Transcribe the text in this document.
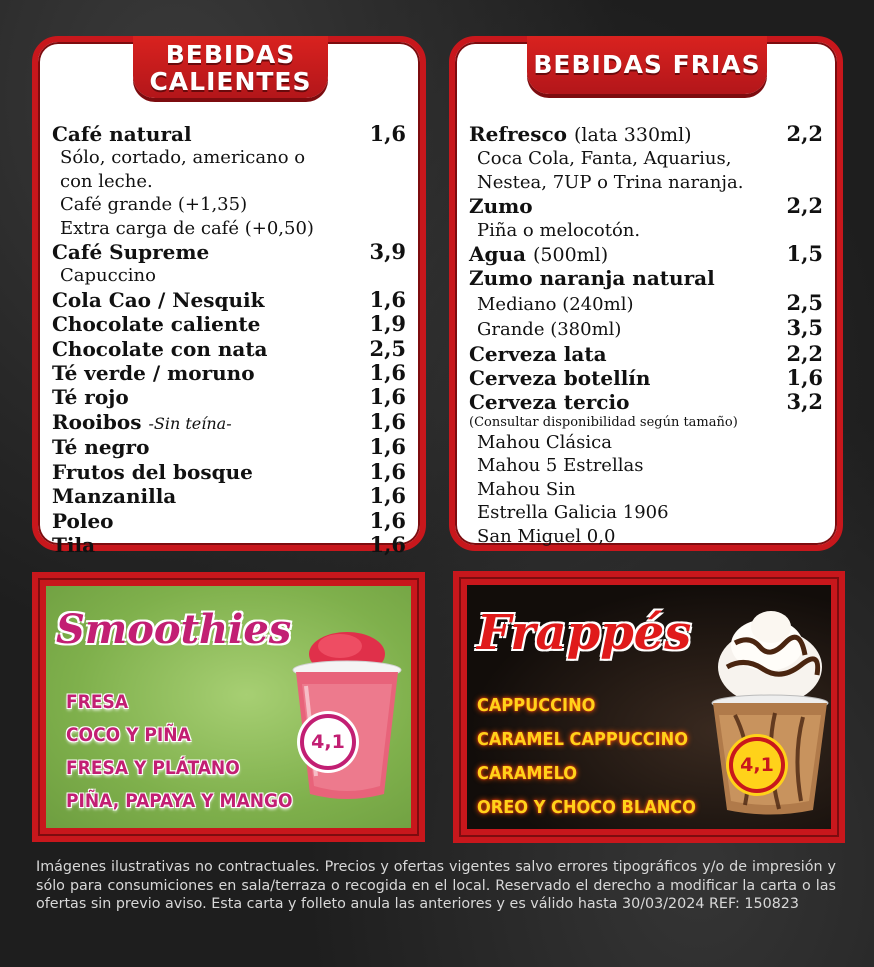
BEBIDAS
CALIENTES
Café natural	1,6
Sólo, cortado, americano o
con leche.
Café grande (+1,35)
Extra carga de café (+0,50)
Café Supreme	3,9
Capuccino
Cola Cao / Nesquik	1,6
Chocolate caliente	1,9
Chocolate con nata	2,5
Té verde / moruno	1,6
Té rojo	1,6
Rooibos -Sin teína-	1,6
Té negro	1,6
Frutos del bosque	1,6
Manzanilla	1,6
Poleo	1,6
Tila	1,6
BEBIDAS FRIAS
Refresco (lata 330ml)	2,2
Coca Cola, Fanta, Aquarius,
Nestea, 7UP o Trina naranja.
Zumo	2,2
Piña o melocotón.
Agua (500ml)	1,5
Zumo naranja natural
Mediano (240ml)	2,5
Grande (380ml)	3,5
Cerveza lata	2,2
Cerveza botellín	1,6
Cerveza tercio	3,2
(Consultar disponibilidad según tamaño)
Mahou Clásica
Mahou 5 Estrellas
Mahou Sin
Estrella Galicia 1906
San Miguel 0,0
Smoothies
FRESA
COCO Y PIÑA
FRESA Y PLÁTANO
PIÑA, PAPAYA Y MANGO
4,1
Frappés
CAPPUCCINO
CARAMEL CAPPUCCINO
CARAMELO
OREO Y CHOCO BLANCO
4,1
Imágenes ilustrativas no contractuales. Precios y ofertas vigentes salvo errores tipográficos y/o de impresión y sólo para consumiciones en sala/terraza o recogida en el local. Reservado el derecho a modificar la carta o las ofertas sin previo aviso. Esta carta y folleto anula las anteriores y es válido hasta 30/03/2024 REF: 150823
